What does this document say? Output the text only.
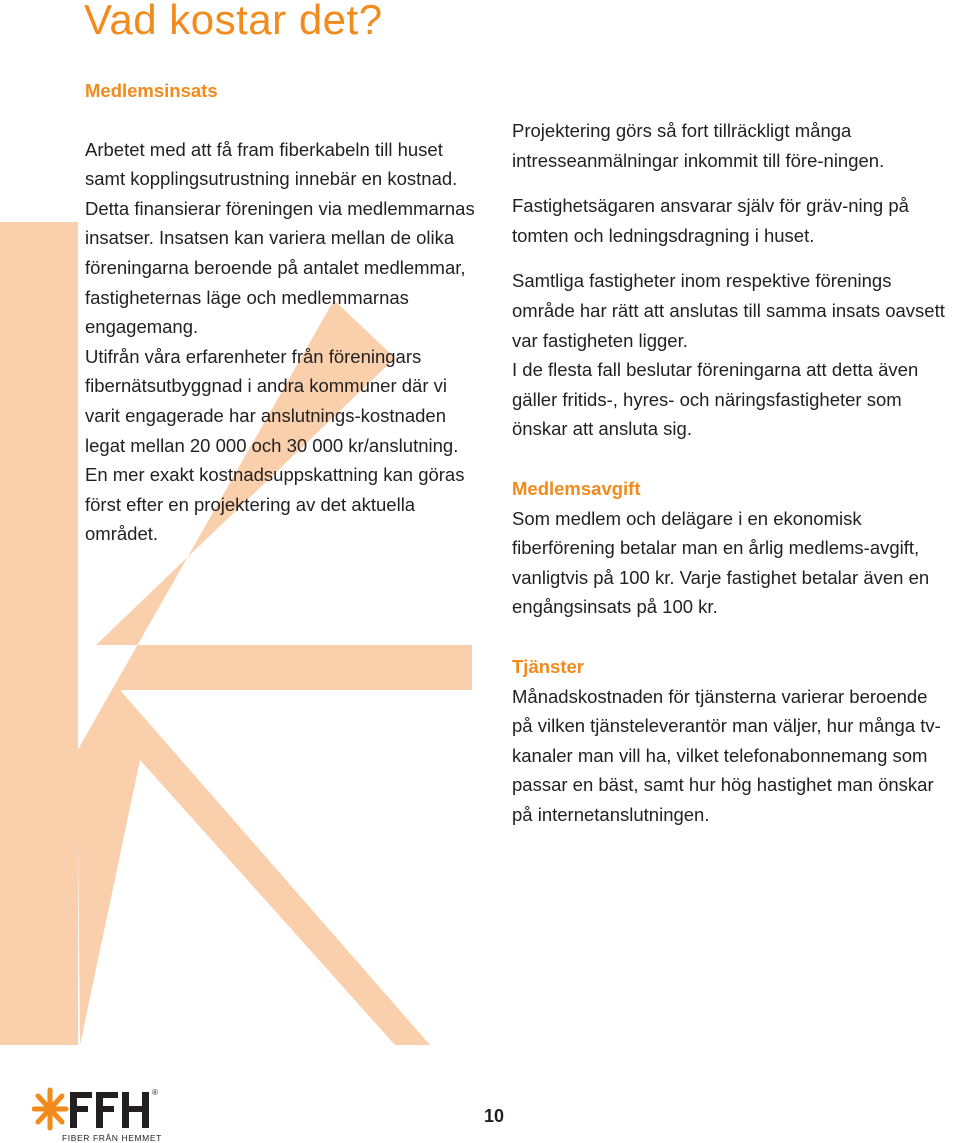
Vad kostar det?

Medlemsinsats

Arbetet med att få fram fiberkabeln till huset samt kopplingsutrustning innebär en kostnad. Detta finansierar föreningen via medlemmarnas insatser. Insatsen kan variera mellan de olika föreningarna beroende på antalet medlemmar, fastigheternas läge och medlemmarnas engagemang.

Utifrån våra erfarenheter från föreningars fibernätsutbyggnad i andra kommuner där vi varit engagerade har anslutnings-kostnaden legat mellan 20 000 och 30 000 kr/anslutning.

En mer exakt kostnadsuppskattning kan göras först efter en projektering av det aktuella området.

Projektering görs så fort tillräckligt många intresseanmälningar inkommit till före-ningen.

Fastighetsägaren ansvarar själv för gräv-ning på tomten och ledningsdragning i huset.

Samtliga fastigheter inom respektive förenings område har rätt att anslutas till samma insats oavsett var fastigheten ligger.

I de flesta fall beslutar föreningarna att detta även gäller fritids-, hyres- och näringsfastigheter som önskar att ansluta sig.

Medlemsavgift

Som medlem och delägare i en ekonomisk fiberförening betalar man en årlig medlems-avgift, vanligtvis på 100 kr. Varje fastighet betalar även en engångsinsats på 100 kr.

Tjänster

Månadskostnaden för tjänsterna varierar beroende på vilken tjänsteleverantör man väljer, hur många tv-kanaler man vill ha, vilket telefonabonnemang som passar en bäst, samt hur hög hastighet man önskar på internetanslutningen.

®
FIBER FRÅN HEMMET
10
